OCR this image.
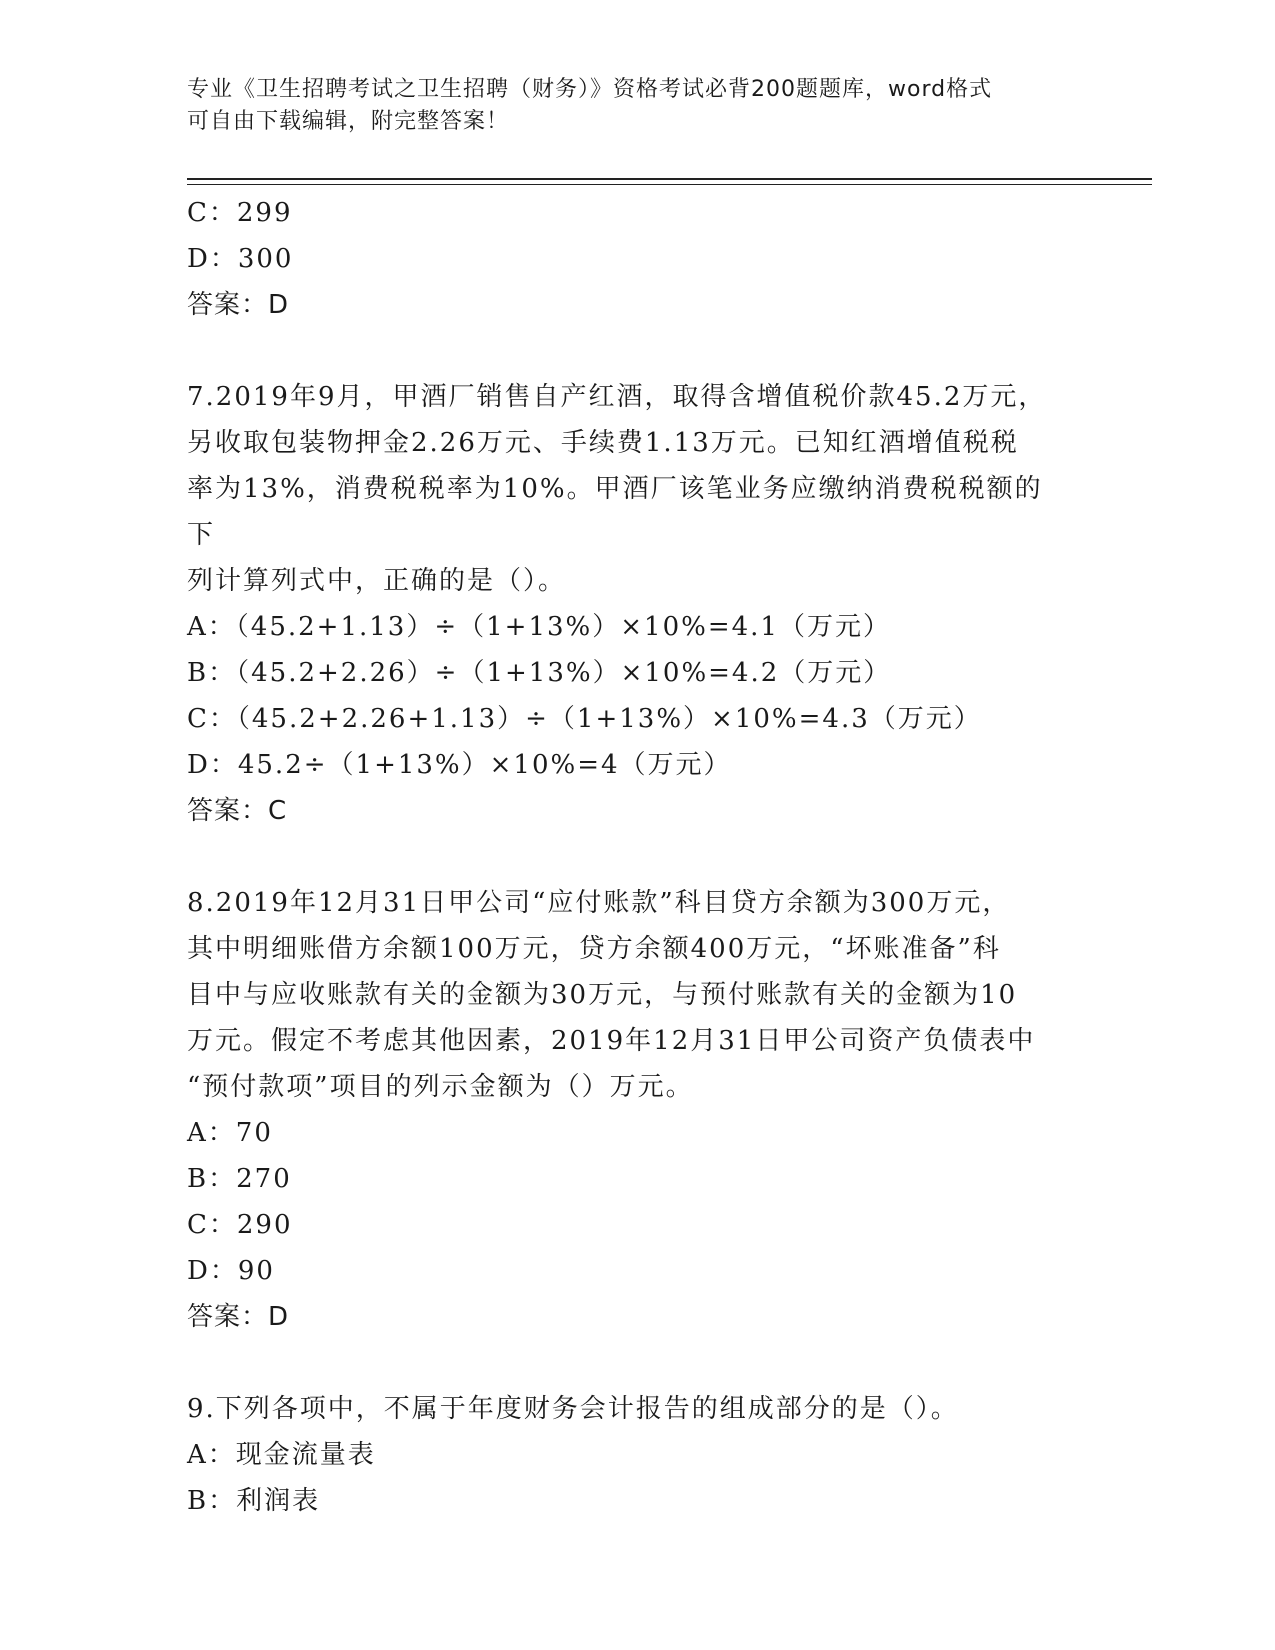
专业《卫生招聘考试之卫生招聘（财务）》资格考试必背200题题库，word格式
可自由下载编辑，附完整答案！
C：299
D：300
答案：D
7.2019年9月，甲酒厂销售自产红酒，取得含增值税价款45.2万元，
另收取包装物押金2.26万元、手续费1.13万元。已知红酒增值税税
率为13%，消费税税率为10%。甲酒厂该笔业务应缴纳消费税税额的下
列计算列式中，正确的是（）。
A：（45.2+1.13）÷（1+13%）×10%=4.1（万元）
B：（45.2+2.26）÷（1+13%）×10%=4.2（万元）
C：（45.2+2.26+1.13）÷（1+13%）×10%=4.3（万元）
D：45.2÷（1+13%）×10%=4（万元）
答案：C
8.2019年12月31日甲公司“应付账款”科目贷方余额为300万元，
其中明细账借方余额100万元，贷方余额400万元，“坏账准备”科
目中与应收账款有关的金额为30万元，与预付账款有关的金额为10
万元。假定不考虑其他因素，2019年12月31日甲公司资产负债表中
“预付款项”项目的列示金额为（）万元。
A：70
B：270
C：290
D：90
答案：D
9.下列各项中，不属于年度财务会计报告的组成部分的是（）。
A：现金流量表
B：利润表
